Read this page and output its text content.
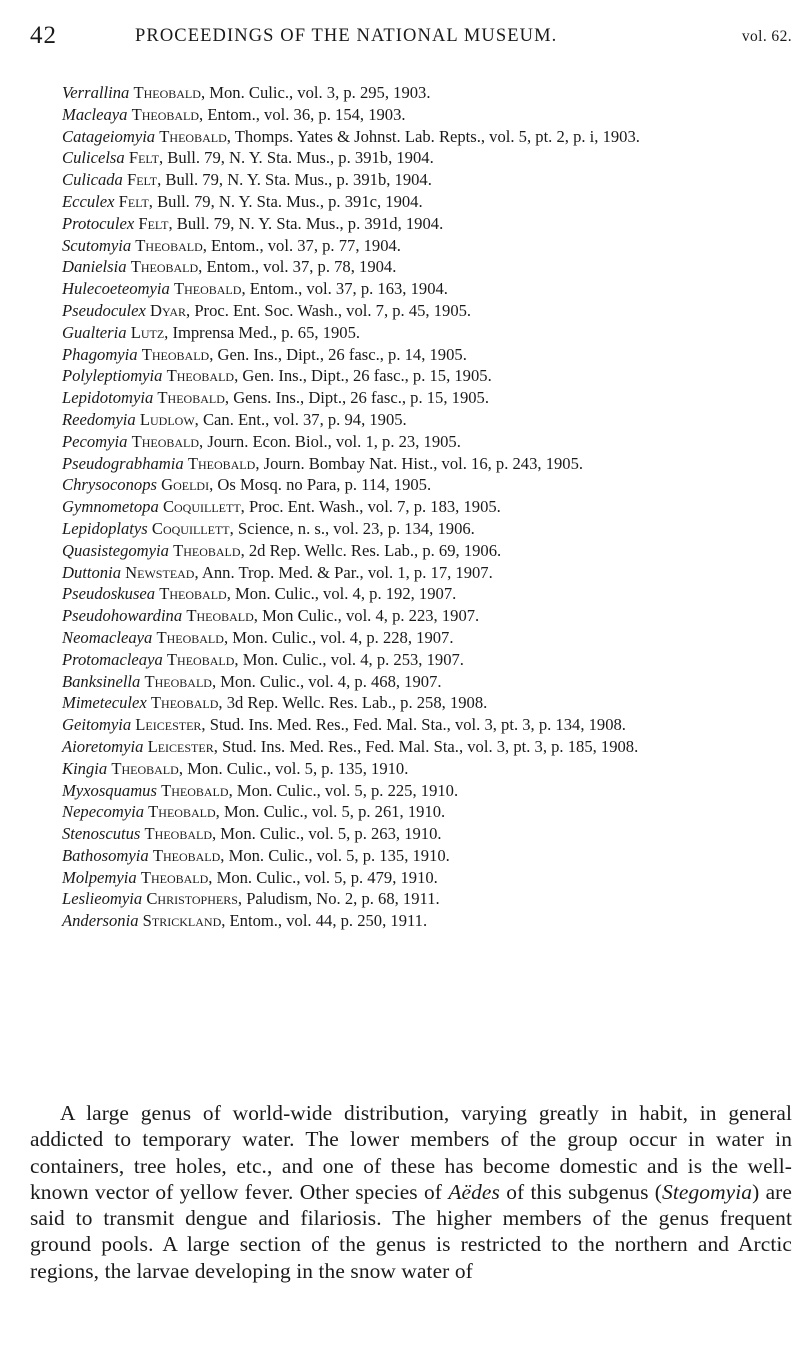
42	PROCEEDINGS OF THE NATIONAL MUSEUM.	vol. 62.
Verrallina Theobald, Mon. Culic., vol. 3, p. 295, 1903.
Macleaya Theobald, Entom., vol. 36, p. 154, 1903.
Catageiomyia Theobald, Thomps. Yates & Johnst. Lab. Repts., vol. 5, pt. 2, p. i, 1903.
Culicelsa Felt, Bull. 79, N. Y. Sta. Mus., p. 391b, 1904.
Culicada Felt, Bull. 79, N. Y. Sta. Mus., p. 391b, 1904.
Ecculex Felt, Bull. 79, N. Y. Sta. Mus., p. 391c, 1904.
Protoculex Felt, Bull. 79, N. Y. Sta. Mus., p. 391d, 1904.
Scutomyia Theobald, Entom., vol. 37, p. 77, 1904.
Danielsia Theobald, Entom., vol. 37, p. 78, 1904.
Hulecoeteomyia Theobald, Entom., vol. 37, p. 163, 1904.
Pseudoculex Dyar, Proc. Ent. Soc. Wash., vol. 7, p. 45, 1905.
Gualteria Lutz, Imprensa Med., p. 65, 1905.
Phagomyia Theobald, Gen. Ins., Dipt., 26 fasc., p. 14, 1905.
Polyleptiomyia Theobald, Gen. Ins., Dipt., 26 fasc., p. 15, 1905.
Lepidotomyia Theobald, Gens. Ins., Dipt., 26 fasc., p. 15, 1905.
Reedomyia Ludlow, Can. Ent., vol. 37, p. 94, 1905.
Pecomyia Theobald, Journ. Econ. Biol., vol. 1, p. 23, 1905.
Pseudograbhamia Theobald, Journ. Bombay Nat. Hist., vol. 16, p. 243, 1905.
Chrysoconops Goeldi, Os Mosq. no Para, p. 114, 1905.
Gymnometopa Coquillett, Proc. Ent. Wash., vol. 7, p. 183, 1905.
Lepidoplatys Coquillett, Science, n. s., vol. 23, p. 134, 1906.
Quasistegomyia Theobald, 2d Rep. Wellc. Res. Lab., p. 69, 1906.
Duttonia Newstead, Ann. Trop. Med. & Par., vol. 1, p. 17, 1907.
Pseudoskusea Theobald, Mon. Culic., vol. 4, p. 192, 1907.
Pseudohowardina Theobald, Mon Culic., vol. 4, p. 223, 1907.
Neomacleaya Theobald, Mon. Culic., vol. 4, p. 228, 1907.
Protomacleaya Theobald, Mon. Culic., vol. 4, p. 253, 1907.
Banksinella Theobald, Mon. Culic., vol. 4, p. 468, 1907.
Mimeteculex Theobald, 3d Rep. Wellc. Res. Lab., p. 258, 1908.
Geitomyia Leicester, Stud. Ins. Med. Res., Fed. Mal. Sta., vol. 3, pt. 3, p. 134, 1908.
Aioretomyia Leicester, Stud. Ins. Med. Res., Fed. Mal. Sta., vol. 3, pt. 3, p. 185, 1908.
Kingia Theobald, Mon. Culic., vol. 5, p. 135, 1910.
Myxosquamus Theobald, Mon. Culic., vol. 5, p. 225, 1910.
Nepecomyia Theobald, Mon. Culic., vol. 5, p. 261, 1910.
Stenoscutus Theobald, Mon. Culic., vol. 5, p. 263, 1910.
Bathosomyia Theobald, Mon. Culic., vol. 5, p. 135, 1910.
Molpemyia Theobald, Mon. Culic., vol. 5, p. 479, 1910.
Leslieomyia Christophers, Paludism, No. 2, p. 68, 1911.
Andersonia Strickland, Entom., vol. 44, p. 250, 1911.
A large genus of world-wide distribution, varying greatly in habit, in general addicted to temporary water. The lower members of the group occur in water in containers, tree holes, etc., and one of these has become domestic and is the well-known vector of yellow fever. Other species of Aëdes of this subgenus (Stegomyia) are said to transmit dengue and filariosis. The higher members of the genus frequent ground pools. A large section of the genus is restricted to the northern and Arctic regions, the larvae developing in the snow water of
